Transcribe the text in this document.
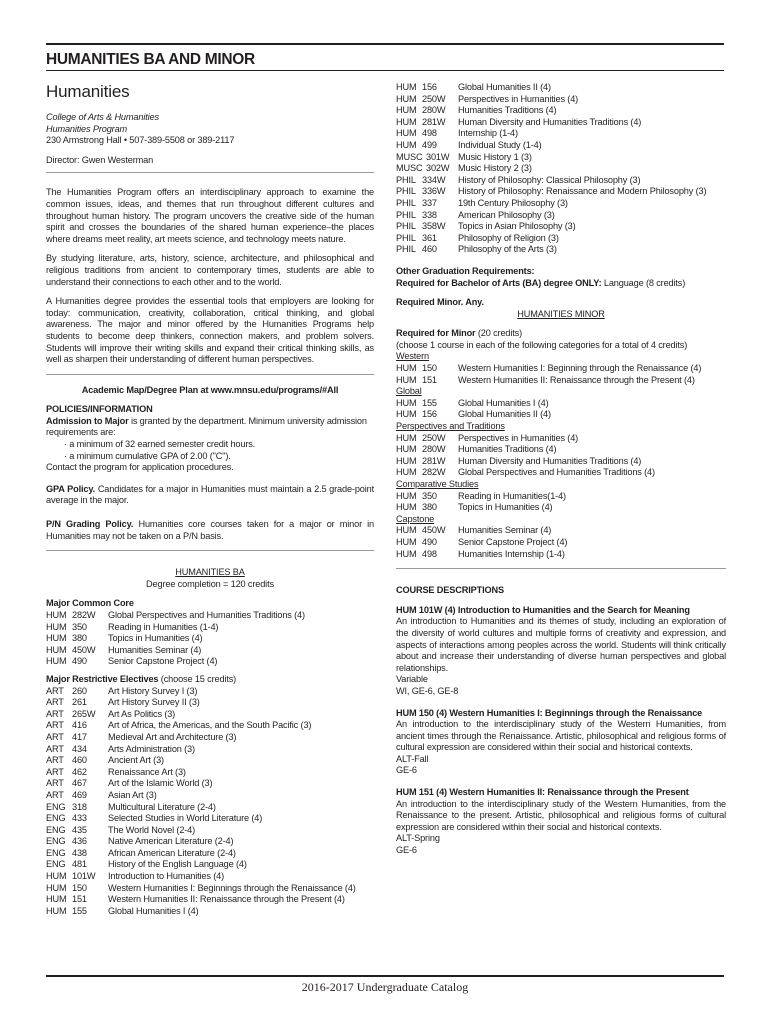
HUMANITIES BA AND MINOR
Humanities
College of Arts & Humanities
Humanities Program
230 Armstrong Hall • 507-389-5508 or 389-2117
Director: Gwen Westerman

The Humanities Program offers an interdisciplinary approach to examine the common issues, ideas, and themes that run throughout different cultures and throughout human history. The program uncovers the creative side of the human spirit and crosses the boundaries of the shared human experience–the places where dreams meet reality, art meets science, and technology meets nature.

By studying literature, arts, history, science, architecture, and philosophical and religious traditions from ancient to contemporary times, students are able to understand their connections to each other and to the world.

A Humanities degree provides the essential tools that employers are looking for today: communication, creativity, collaboration, critical thinking, and global awareness. The major and minor offered by the Humanities Programs help students to become deep thinkers, connection makers, and problem solvers. Students will improve their writing skills and expand their critical thinking skills, as well as sharpen their understanding of different human perspectives.

Academic Map/Degree Plan at www.mnsu.edu/programs/#All
POLICIES/INFORMATION
Admission to Major is granted by the department. Minimum university admission requirements are:
· a minimum of 32 earned semester credit hours.
· a minimum cumulative GPA of 2.00 ("C").
Contact the program for application procedures.

GPA Policy. Candidates for a major in Humanities must maintain a 2.5 grade-point average in the major.

P/N Grading Policy. Humanities core courses taken for a major or minor in Humanities may not be taken on a P/N basis.

HUMANITIES BA
Degree completion = 120 credits
Major Common Core
HUM 282W	Global Perspectives and Humanities Traditions (4)
HUM 350	Reading in Humanities (1-4)
HUM 380	Topics in Humanities (4)
HUM 450W	Humanities Seminar (4)
HUM 490	Senior Capstone Project (4)
Major Restrictive Electives (choose 15 credits)
ART 260	Art History Survey I (3)
ART 261	Art History Survey II (3)
ART 265W	Art As Politics (3)
ART 416	Art of Africa, the Americas, and the South Pacific (3)
ART 417	Medieval Art and Architecture (3)
ART 434	Arts Administration (3)
ART 460	Ancient Art (3)
ART 462	Renaissance Art (3)
ART 467	Art of the Islamic World (3)
ART 469	Asian Art (3)
ENG 318	Multicultural Literature (2-4)
ENG 433	Selected Studies in World Literature (4)
ENG 435	The World Novel (2-4)
ENG 436	Native American Literature (2-4)
ENG 438	African American Literature (2-4)
ENG 481	History of the English Language (4)
HUM 101W	Introduction to Humanities (4)
HUM 150	Western Humanities I: Beginnings through the Renaissance (4)
HUM 151	Western Humanities II: Renaissance through the Present (4)
HUM 155	Global Humanities I (4)
HUM 156	Global Humanities II (4)
HUM 250W	Perspectives in Humanities (4)
HUM 280W	Humanities Traditions (4)
HUM 281W	Human Diversity and Humanities Traditions (4)
HUM 498	Internship (1-4)
HUM 499	Individual Study (1-4)
MUSC 301W Music History 1 (3)
MUSC 302W Music History 2 (3)
PHIL 334W	History of Philosophy: Classical Philosophy (3)
PHIL 336W	History of Philosophy: Renaissance and Modern Philosophy (3)
PHIL 337	19th Century Philosophy (3)
PHIL 338	American Philosophy (3)
PHIL 358W	Topics in Asian Philosophy (3)
PHIL 361	Philosophy of Religion (3)
PHIL 460	Philosophy of the Arts (3)
Other Graduation Requirements:
Required for Bachelor of Arts (BA) degree ONLY: Language (8 credits)
Required Minor. Any.
HUMANITIES MINOR
Required for Minor (20 credits)
(choose 1 course in each of the following categories for a total of 4 credits)
Western
HUM 150	Western Humanities I: Beginning through the Renaissance (4)
HUM 151	Western Humanities II: Renaissance through the Present (4)
Global
HUM 155	Global Humanities I (4)
HUM 156	Global Humanities II (4)
Perspectives and Traditions
HUM 250W	Perspectives in Humanities (4)
HUM 280W	Humanities Traditions (4)
HUM 281W	Human Diversity and Humanities Traditions (4)
HUM 282W	Global Perspectives and Humanities Traditions (4)
Comparative Studies
HUM 350	Reading in Humanities(1-4)
HUM 380	Topics in Humanities (4)
Capstone
HUM 450W	Humanities Seminar (4)
HUM 490	Senior Capstone Project (4)
HUM 498	Humanities Internship (1-4)
COURSE DESCRIPTIONS
HUM 101W (4) Introduction to Humanities and the Search for Meaning
An introduction to Humanities and its themes of study, including an exploration of the diversity of world cultures and multiple forms of creativity and expression, and aspects of interactions among peoples across the world. Students will think critically about and increase their understanding of diverse human perspectives and global relationships.
Variable
WI, GE-6, GE-8
HUM 150 (4) Western Humanities I: Beginnings through the Renaissance
An introduction to the interdisciplinary study of the Western Humanities, from ancient times through the Renaissance. Artistic, philosophical and religious forms of cultural expression are considered within their social and historical contexts.
ALT-Fall
GE-6
HUM 151 (4) Western Humanities II: Renaissance through the Present
An introduction to the interdisciplinary study of the Western Humanities, from the Renaissance to the present. Artistic, philosophical and religious forms of cultural expression are considered within their social and historical contexts.
ALT-Spring
GE-6
2016-2017 Undergraduate Catalog
